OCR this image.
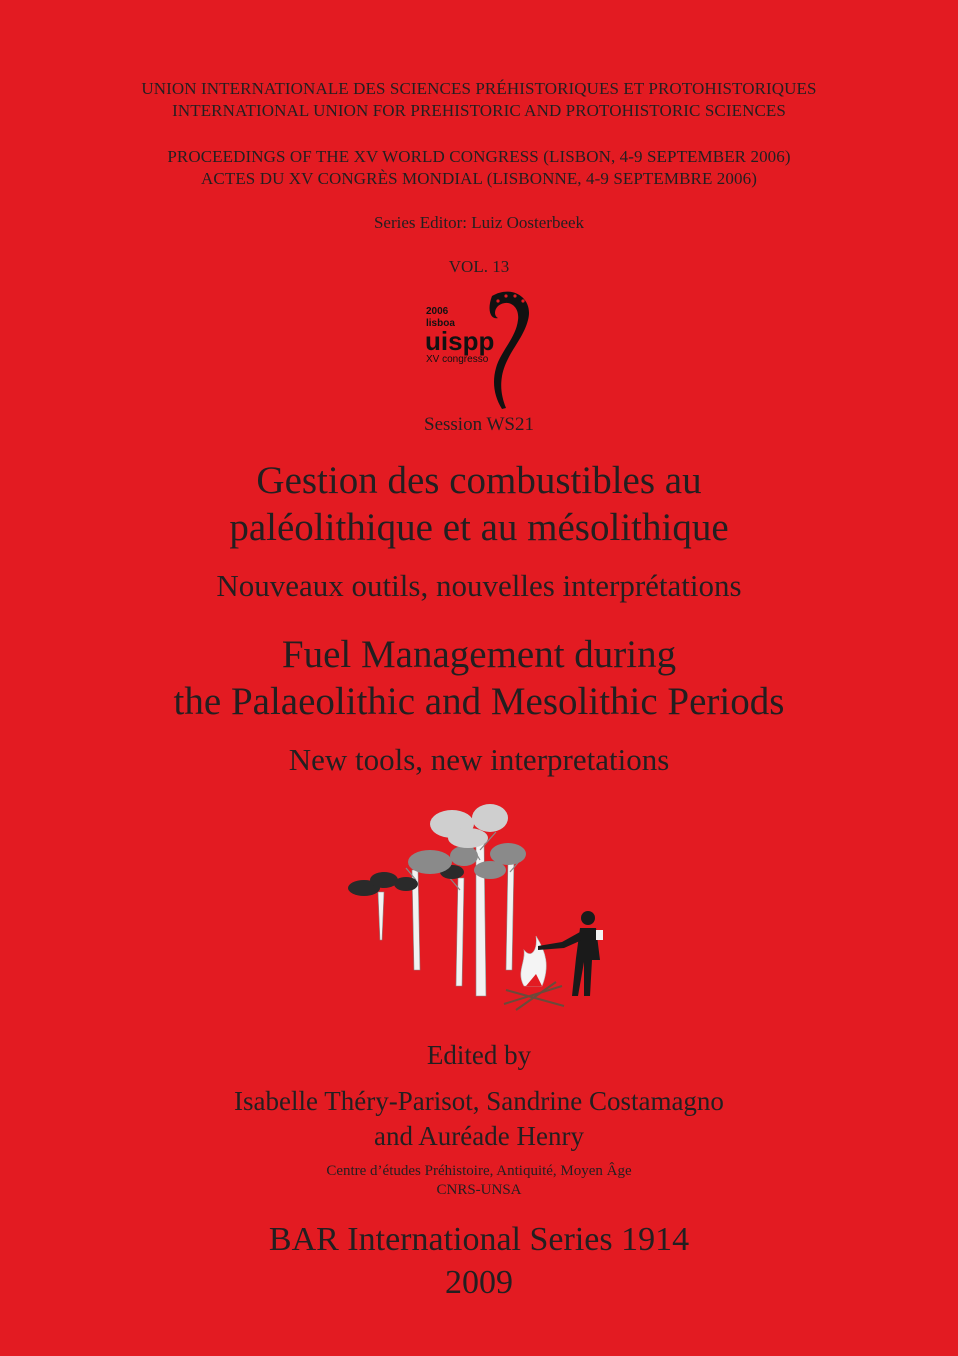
UNION INTERNATIONALE DES SCIENCES PRÉHISTORIQUES ET PROTOHISTORIQUES

INTERNATIONAL UNION FOR PREHISTORIC AND PROTOHISTORIC SCIENCES

PROCEEDINGS OF THE XV WORLD CONGRESS (LISBON, 4-9 SEPTEMBER 2006)

ACTES DU XV CONGRÈS MONDIAL (LISBONNE, 4-9 SEPTEMBRE 2006)

Series Editor: Luiz Oosterbeek

VOL. 13

2006
lisboa
uispp
XV congresso

Session WS21

Gestion des combustibles au

paléolithique et au mésolithique

Nouveaux outils, nouvelles interprétations

Fuel Management during

the Palaeolithic and Mesolithic Periods

New tools, new interpretations

Edited by

Isabelle Théry-Parisot, Sandrine Costamagno

and Auréade Henry

Centre d’études Préhistoire, Antiquité, Moyen Âge

CNRS-UNSA

BAR International Series 1914

2009
